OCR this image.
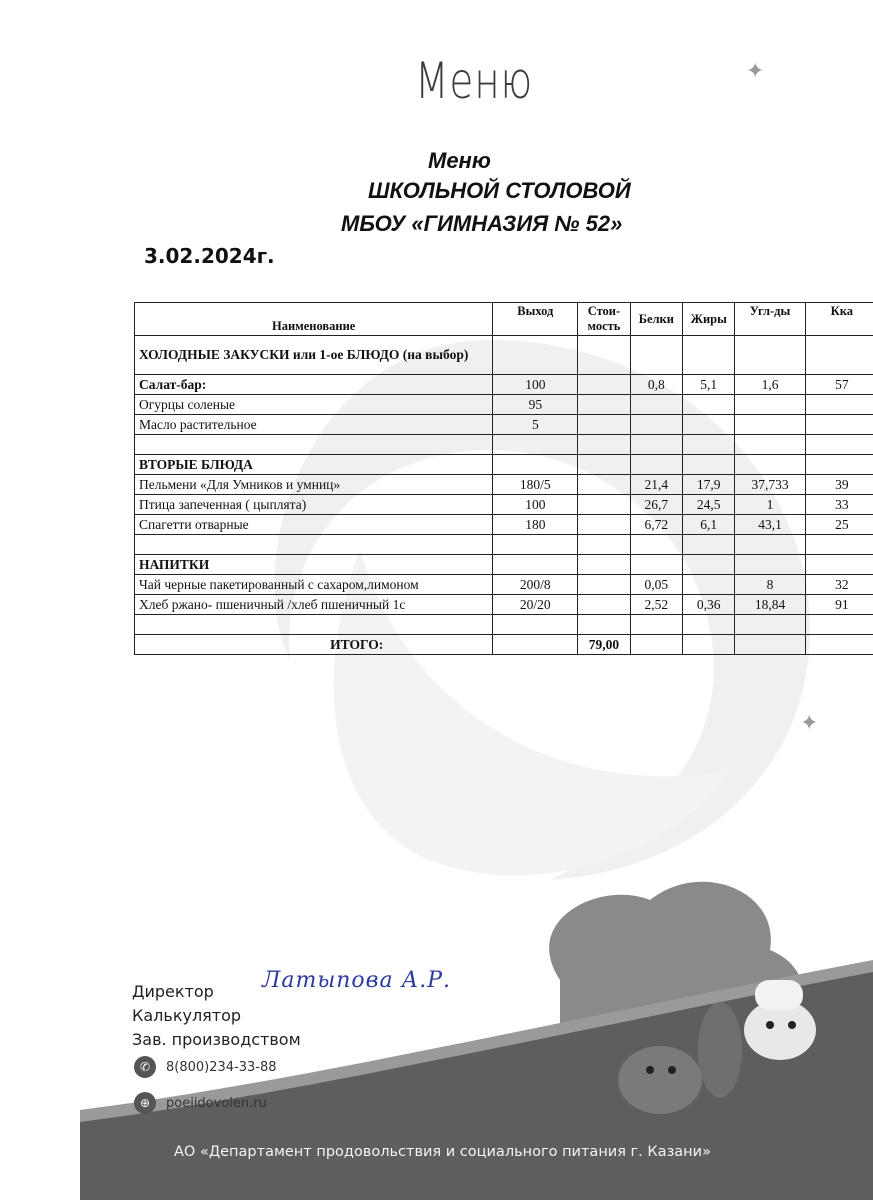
Меню
Меню
ШКОЛЬНОЙ СТОЛОВОЙ
МБОУ «ГИМНАЗИЯ № 52»
3.02.2024г.
✦
✦
Наименование	Выход	Стои-мость	Белки	Жиры	Угл-ды	Кка
ХОЛОДНЫЕ ЗАКУСКИ или 1-ое БЛЮДО (на выбор)						
Салат-бар:	100		0,8	5,1	1,6	57
Огурцы соленые	95					
Масло растительное	5					

ВТОРЫЕ БЛЮДА						
Пельмени «Для Умников и умниц»	180/5		21,4	17,9	37,733	39
Птица запеченная ( цыплята)	100		26,7	24,5	1	33
Спагетти отварные	180		6,72	6,1	43,1	25

НАПИТКИ						
Чай черные пакетированный с сахаром,лимоном	200/8		0,05		8	32
Хлеб ржано- пшеничный /хлеб пшеничный 1с	20/20		2,52	0,36	18,84	91

ИТОГО:		79,00				
Директор Латыпова А.Р.
Калькулятор
Зав. производством
✆	8(800)234-33-88
⊕	poeiidovolen.ru
АО «Департамент продовольствия и социального питания г. Казани»
